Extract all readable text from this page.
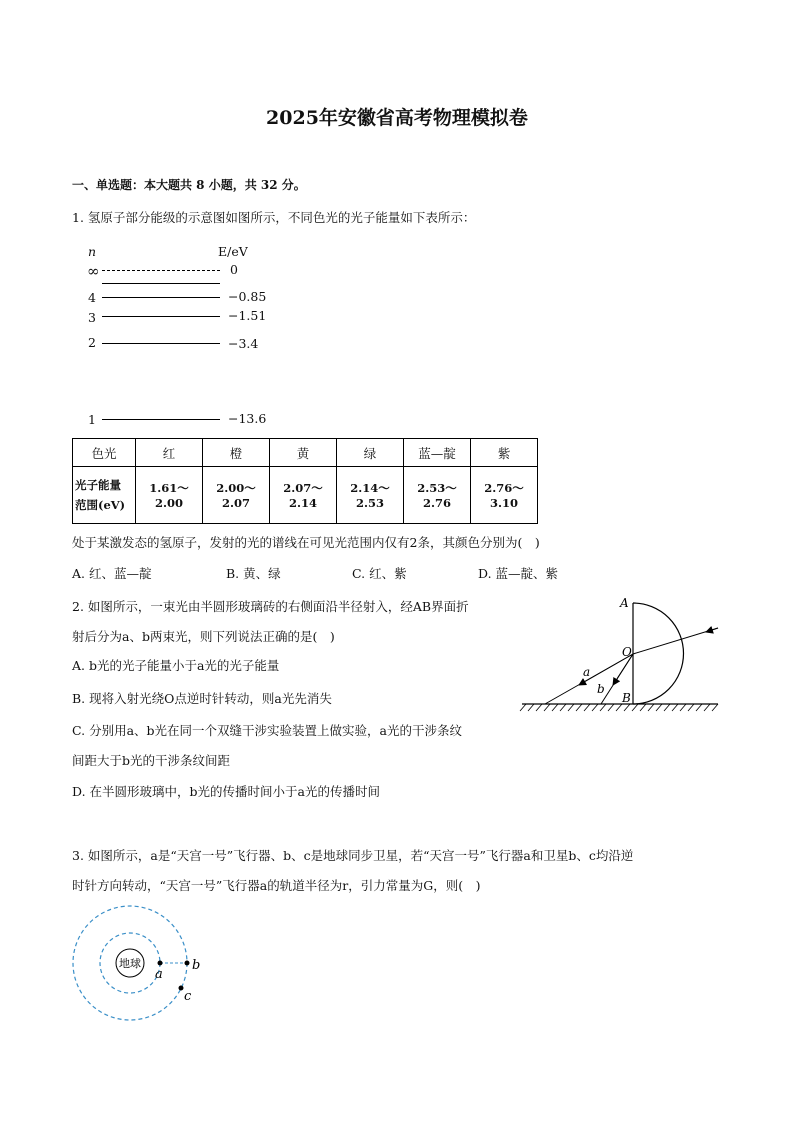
2025年安徽省高考物理模拟卷
一、单选题：本大题共 8 小题，共 32 分。
1. 氢原子部分能级的示意图如图所示，不同色光的光子能量如下表所示：
n	E/eV
∞	0
4	−0.85
3	−1.51
2	−3.4
1	−13.6
色光	红	橙	黄	绿	蓝—靛	紫
光子能量
范围(eV)	1.61～2.00	2.00～2.07	2.07～2.14	2.14～2.53	2.53～2.76	2.76～3.10
处于某激发态的氢原子，发射的光的谱线在可见光范围内仅有2条，其颜色分别为(　)
A. 红、蓝—靛	B. 黄、绿	C. 红、紫	D. 蓝—靛、紫
2. 如图所示，一束光由半圆形玻璃砖的右侧面沿半径射入，经AB界面折
射后分为a、b两束光，则下列说法正确的是(　)
A. b光的光子能量小于a光的光子能量
B. 现将入射光绕O点逆时针转动，则a光先消失
C. 分别用a、b光在同一个双缝干涉实验装置上做实验，a光的干涉条纹
间距大于b光的干涉条纹间距
D. 在半圆形玻璃中，b光的传播时间小于a光的传播时间
A
O
B
a
b
3. 如图所示，a是“天宫一号”飞行器、b、c是地球同步卫星，若“天宫一号”飞行器a和卫星b、c均沿逆
时针方向转动，“天宫一号”飞行器a的轨道半径为r，引力常量为G，则(　)
地球
a
b
c
